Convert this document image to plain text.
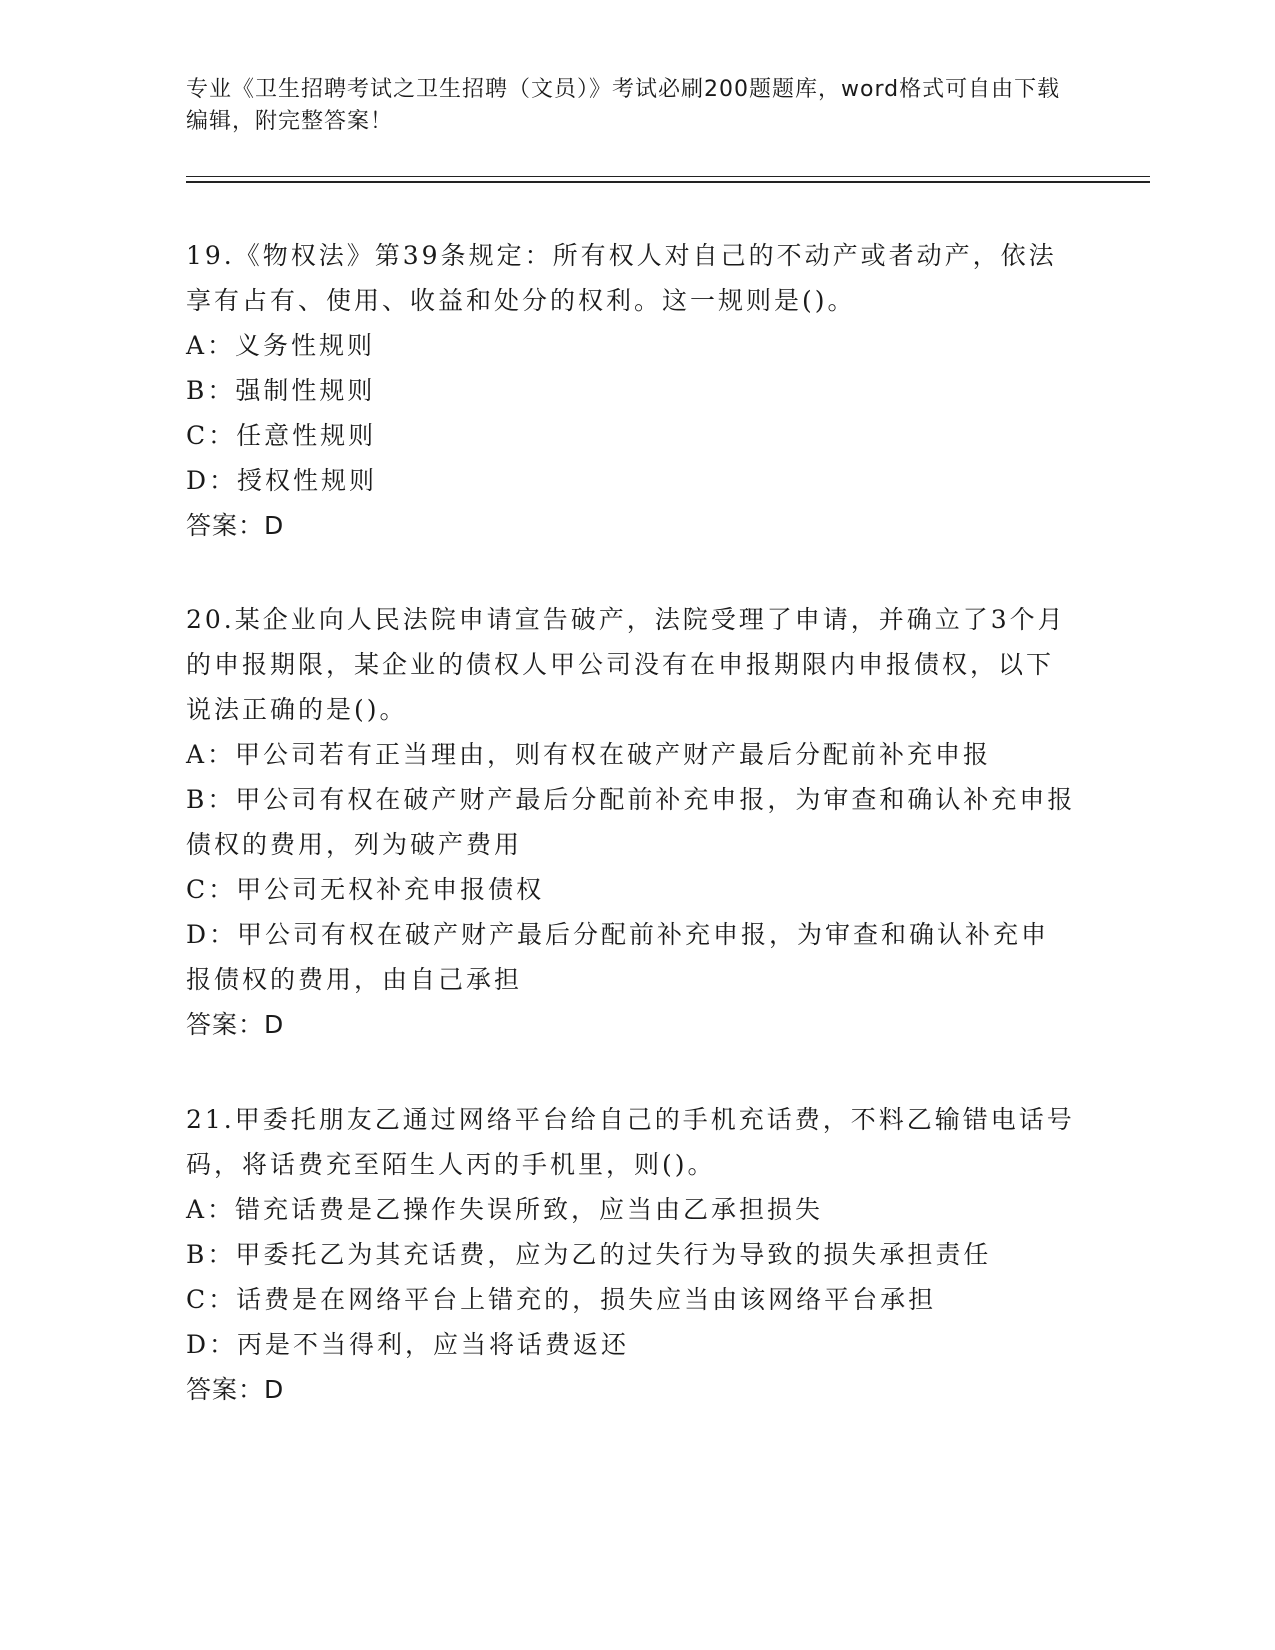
专业《卫生招聘考试之卫生招聘（文员）》考试必刷200题题库，word格式可自由下载编辑，附完整答案！

19.《物权法》第39条规定：所有权人对自己的不动产或者动产，依法享有占有、使用、收益和处分的权利。这一规则是()。

A：义务性规则

B：强制性规则

C：任意性规则

D：授权性规则

答案：D

20.某企业向人民法院申请宣告破产，法院受理了申请，并确立了3个月的申报期限，某企业的债权人甲公司没有在申报期限内申报债权，以下说法正确的是()。

A：甲公司若有正当理由，则有权在破产财产最后分配前补充申报

B：甲公司有权在破产财产最后分配前补充申报，为审查和确认补充申报债权的费用，列为破产费用

C：甲公司无权补充申报债权

D：甲公司有权在破产财产最后分配前补充申报，为审查和确认补充申报债权的费用，由自己承担

答案：D

21.甲委托朋友乙通过网络平台给自己的手机充话费，不料乙输错电话号码，将话费充至陌生人丙的手机里，则()。

A：错充话费是乙操作失误所致，应当由乙承担损失

B：甲委托乙为其充话费，应为乙的过失行为导致的损失承担责任

C：话费是在网络平台上错充的，损失应当由该网络平台承担

D：丙是不当得利，应当将话费返还

答案：D
